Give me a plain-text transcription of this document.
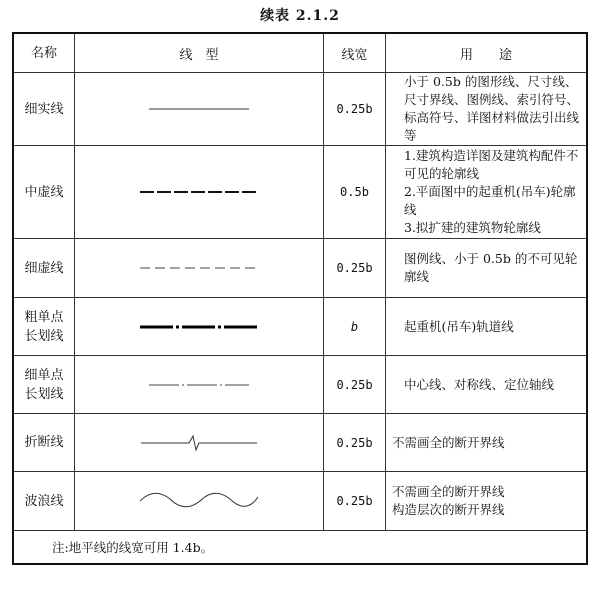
续表 2.1.2
名称	线　型	线宽	用　　途
细实线		0.25b	小于 0.5b 的图形线、尺寸线、尺寸界线、图例线、索引符号、标高符号、详图材料做法引出线等

中虚线		0.5b	1.建筑构造详图及建筑构配件不可见的轮廓线

2.平面图中的起重机(吊车)轮廓线

3.拟扩建的建筑物轮廓线

细虚线		0.25b	图例线、小于 0.5b 的不可见轮廓线

粗单点
长划线		b	起重机(吊车)轨道线

细单点
长划线		0.25b	中心线、对称线、定位轴线

折断线		0.25b	不需画全的断开界线

波浪线		0.25b	不需画全的断开界线

构造层次的断开界线

注:地平线的线宽可用 1.4b。			
